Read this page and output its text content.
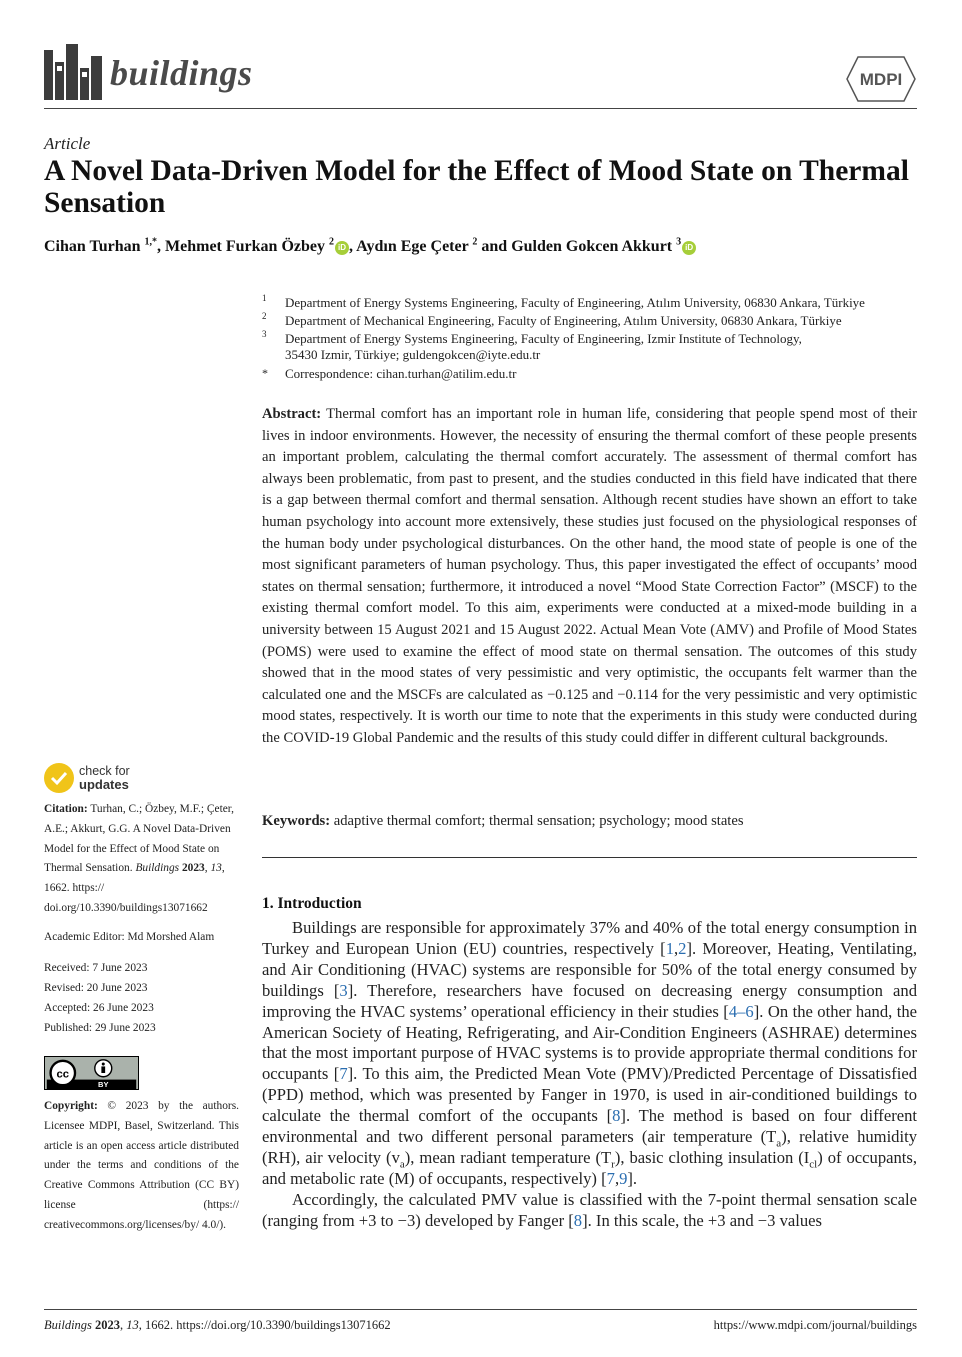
buildings	MDPI
Article
A Novel Data-Driven Model for the Effect of Mood State on Thermal Sensation
Cihan Turhan $^{1,*}$, Mehmet Furkan Özbey $^2$ iD , Aydın Ege Çeter $^2$ and Gulden Gokcen Akkurt $^3$ iD
1 Department of Energy Systems Engineering, Faculty of Engineering, Atılım University, 06830 Ankara, Türkiye
2 Department of Mechanical Engineering, Faculty of Engineering, Atılım University, 06830 Ankara, Türkiye
3 Department of Energy Systems Engineering, Faculty of Engineering, Izmir Institute of Technology,
35430 Izmir, Türkiye; guldengokcen@iyte.edu.tr
* Correspondence: cihan.turhan@atilim.edu.tr
Abstract: Thermal comfort has an important role in human life, considering that people spend most of their lives in indoor environments. However, the necessity of ensuring the thermal comfort of these people presents an important problem, calculating the thermal comfort accurately. The assessment of thermal comfort has always been problematic, from past to present, and the studies conducted in this field have indicated that there is a gap between thermal comfort and thermal sensation. Although recent studies have shown an effort to take human psychology into account more extensively, these studies just focused on the physiological responses of the human body under psychological disturbances. On the other hand, the mood state of people is one of the most significant parameters of human psychology. Thus, this paper investigated the effect of occupants’ mood states on thermal sensation; furthermore, it introduced a novel “Mood State Correction Factor” (MSCF) to the existing thermal comfort model. To this aim, experiments were conducted at a mixed-mode building in a university between 15 August 2021 and 15 August 2022. Actual Mean Vote (AMV) and Profile of Mood States (POMS) were used to examine the effect of mood state on thermal sensation. The outcomes of this study showed that in the mood states of very pessimistic and very optimistic, the occupants felt warmer than the calculated one and the MSCFs are calculated as −0.125 and −0.114 for the very pessimistic and very optimistic mood states, respectively. It is worth our time to note that the experiments in this study were conducted during the COVID-19 Global Pandemic and the results of this study could differ in different cultural backgrounds.
Keywords: adaptive thermal comfort; thermal sensation; psychology; mood states
1. Introduction

Buildings are responsible for approximately 37% and 40% of the total energy consumption in Turkey and European Union (EU) countries, respectively [1,2]. Moreover, Heating, Ventilating, and Air Conditioning (HVAC) systems are responsible for 50% of the total energy consumed by buildings [3]. Therefore, researchers have focused on decreasing energy consumption and improving the HVAC systems’ operational efficiency in their studies [4–6]. On the other hand, the American Society of Heating, Refrigerating, and Air-Condition Engineers (ASHRAE) determines that the most important purpose of HVAC systems is to provide appropriate thermal conditions for occupants [7]. To this aim, the Predicted Mean Vote (PMV)/Predicted Percentage of Dissatisfied (PPD) method, which was presented by Fanger in 1970, is used in air-conditioned buildings to calculate the thermal comfort of the occupants [8]. The method is based on four different environmental and two different personal parameters (air temperature $(T_a)$, relative humidity (RH), air velocity $(v_a)$, mean radiant temperature $(T_r)$, basic clothing insulation $(I_{cl})$ of occupants, and metabolic rate (M) of occupants, respectively) [7,9].

Accordingly, the calculated PMV value is classified with the 7-point thermal sensation scale (ranging from +3 to −3) developed by Fanger [8]. In this scale, the +3 and −3 values

check for
updates
Citation: Turhan, C.; Özbey, M.F.; Çeter, A.E.; Akkurt, G.G. A Novel Data-Driven Model for the Effect of Mood State on Thermal Sensation. Buildings 2023, 13, 1662. https:// doi.org/10.3390/buildings13071662
Academic Editor: Md Morshed Alam
Received: 7 June 2023
Revised: 20 June 2023
Accepted: 26 June 2023
Published: 29 June 2023
cc
BY
Copyright: © 2023 by the authors. Licensee MDPI, Basel, Switzerland. This article is an open access article distributed under the terms and conditions of the Creative Commons Attribution (CC BY) license (https:// creativecommons.org/licenses/by/ 4.0/).
Buildings 2023, 13, 1662. https://doi.org/10.3390/buildings13071662	https://www.mdpi.com/journal/buildings
